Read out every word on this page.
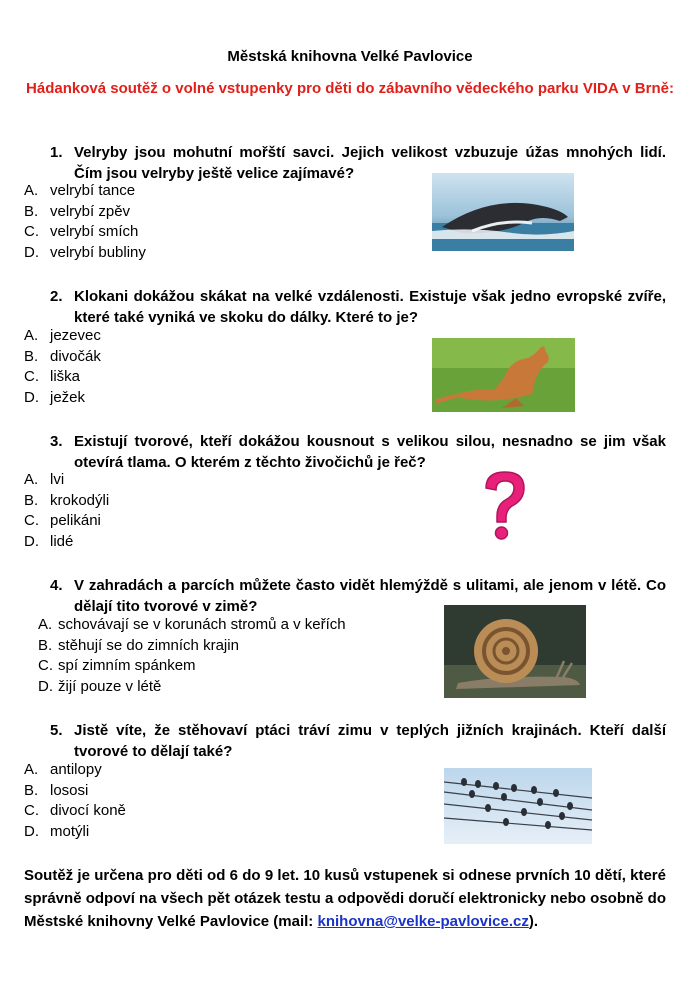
Městská knihovna Velké Pavlovice
Hádanková soutěž o volné vstupenky pro děti do zábavního vědeckého parku VIDA v Brně:
1. Velryby jsou mohutní mořští savci. Jejich velikost vzbuzuje úžas mnohých lidí. Čím jsou velryby ještě velice zajímavé?
A. velrybí tance
B. velrybí zpěv
C. velrybí smích
D. velrybí bubliny
2. Klokani dokážou skákat na velké vzdálenosti. Existuje však jedno evropské zvíře, které také vyniká ve skoku do dálky. Které to je?
A. jezevec
B. divočák
C. liška
D. ježek
3. Existují tvorové, kteří dokážou kousnout s velikou silou, nesnadno se jim však otevírá tlama. O kterém z těchto živočichů je řeč?
A. lvi
B. krokodýli
C. pelikáni
D. lidé
4. V zahradách a parcích můžete často vidět hlemýždě s ulitami, ale jenom v létě. Co dělají tito tvorové v zimě?
A. schovávají se v korunách stromů a v keřích
B. stěhují se do zimních krajin
C. spí zimním spánkem
D. žijí pouze v létě
5. Jistě víte, že stěhovaví ptáci tráví zimu v teplých jižních krajinách. Kteří další tvorové to dělají také?
A. antilopy
B. lososi
C. divocí koně
D. motýli
Soutěž je určena pro děti od 6 do 9 let. 10 kusů vstupenek si odnese prvních 10 dětí, které správně odpoví na všech pět otázek testu a odpovědi doručí elektronicky nebo osobně do Městské knihovny Velké Pavlovice (mail: knihovna@velke-pavlovice.cz).
